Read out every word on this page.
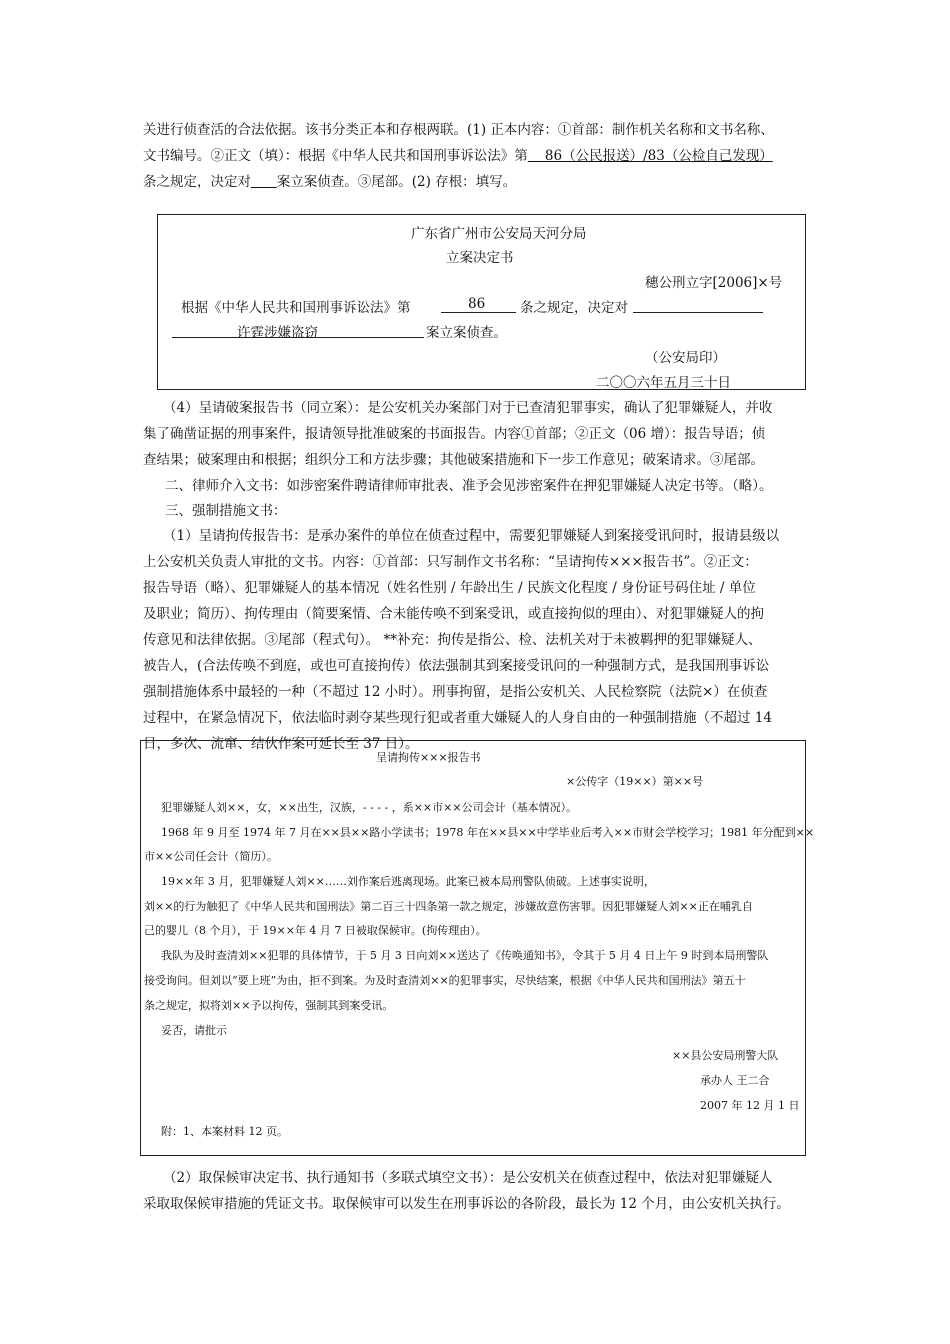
关进行侦查活的合法依据。该书分类正本和存根两联。(1) 正本内容：①首部：制作机关名称和文书名称、
文书编号。②正文（填）：根据《中华人民共和国刑事诉讼法》第    86（公民报送）/83（公检自己发现）
条之规定，决定对 案立案侦查。③尾部。(2) 存根：填写。
广东省广州市公安局天河分局
立案决定书
穗公刑立字[2006]×号
根据《中华人民共和国刑事诉讼法》第	86	条之规定，决定对
许霆涉嫌盗窃	案立案侦查。
（公安局印）
二〇〇六年五月三十日
（4）呈请破案报告书（同立案）：是公安机关办案部门对于已查清犯罪事实，确认了犯罪嫌疑人，并收
集了确凿证据的刑事案件，报请领导批准破案的书面报告。内容①首部；②正文（06 增）：报告导语；侦
查结果；破案理由和根据；组织分工和方法步骤；其他破案措施和下一步工作意见；破案请求。③尾部。
二、律师介入文书：如涉密案件聘请律师审批表、准予会见涉密案件在押犯罪嫌疑人决定书等。（略）。
三、强制措施文书：
（1）呈请拘传报告书：是承办案件的单位在侦查过程中，需要犯罪嫌疑人到案接受讯问时，报请县级以
上公安机关负责人审批的文书。内容：①首部：只写制作文书名称：“呈请拘传×××报告书”。②正文：
报告导语（略）、犯罪嫌疑人的基本情况（姓名性别 / 年龄出生 / 民族文化程度 / 身份证号码住址 / 单位
及职业；简历）、拘传理由（简要案情、合未能传唤不到案受讯，或直接拘似的理由）、对犯罪嫌疑人的拘
传意见和法律依据。③尾部（程式句）。 **补充：拘传是指公、检、法机关对于未被羁押的犯罪嫌疑人、
被告人，(合法传唤不到庭，或也可直接拘传）依法强制其到案接受讯问的一种强制方式，是我国刑事诉讼
强制措施体系中最轻的一种（不超过 12 小时）。刑事拘留，是指公安机关、人民检察院（法院×）在侦查
过程中，在紧急情况下，依法临时剥夺某些现行犯或者重大嫌疑人的人身自由的一种强制措施（不超过 14
日，多次、流窜、结伙作案可延长至 37 日）。
呈请拘传×××报告书
×公传字（19××）第××号
犯罪嫌疑人刘××，女，××出生，汉族，- - - - ，系××市××公司会计（基本情况）。
1968 年 9 月至 1974 年 7 月在××县××路小学读书；1978 年在××县××中学毕业后考入××市财会学校学习；1981 年分配到××
市××公司任会计（简历）。
19××年 3 月，犯罪嫌疑人刘××……刘作案后逃离现场。此案已被本局刑警队侦破。上述事实说明，
刘××的行为触犯了《中华人民共和国刑法》第二百三十四条第一款之规定，涉嫌故意伤害罪。因犯罪嫌疑人刘××正在哺乳自
己的婴儿（8 个月），于 19××年 4 月 7 日被取保候审。(拘传理由）。
我队为及时查清刘××犯罪的具体情节，于 5 月 3 日向刘××送达了《传唤通知书》，令其于 5 月 4 日上午 9 时到本局刑警队
接受询问。但刘以“要上班”为由，拒不到案。为及时查清刘××的犯罪事实，尽快结案，根据《中华人民共和国刑法》第五十
条之规定，拟将刘××予以拘传，强制其到案受讯。
妥否，请批示
××县公安局刑警大队
承办人 王二合
2007 年 12 月 1 日
附：1、本案材料 12 页。
（2）取保候审决定书、执行通知书（多联式填空文书）：是公安机关在侦查过程中，依法对犯罪嫌疑人
采取取保候审措施的凭证文书。取保候审可以发生在刑事诉讼的各阶段，最长为 12 个月，由公安机关执行。
